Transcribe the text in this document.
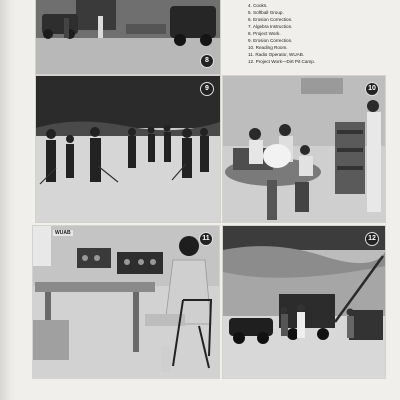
8
4. Cooks.
5. Softball Group.
6. Erosion Correction.
7. Algebra Instruction.
8. Project Work.
9. Erosion Correction.
10. Reading Room.
11. Radio Operator, WUAB.
12. Project Work—Dirt Pit Camp.
9	10
11
WUAB
12
